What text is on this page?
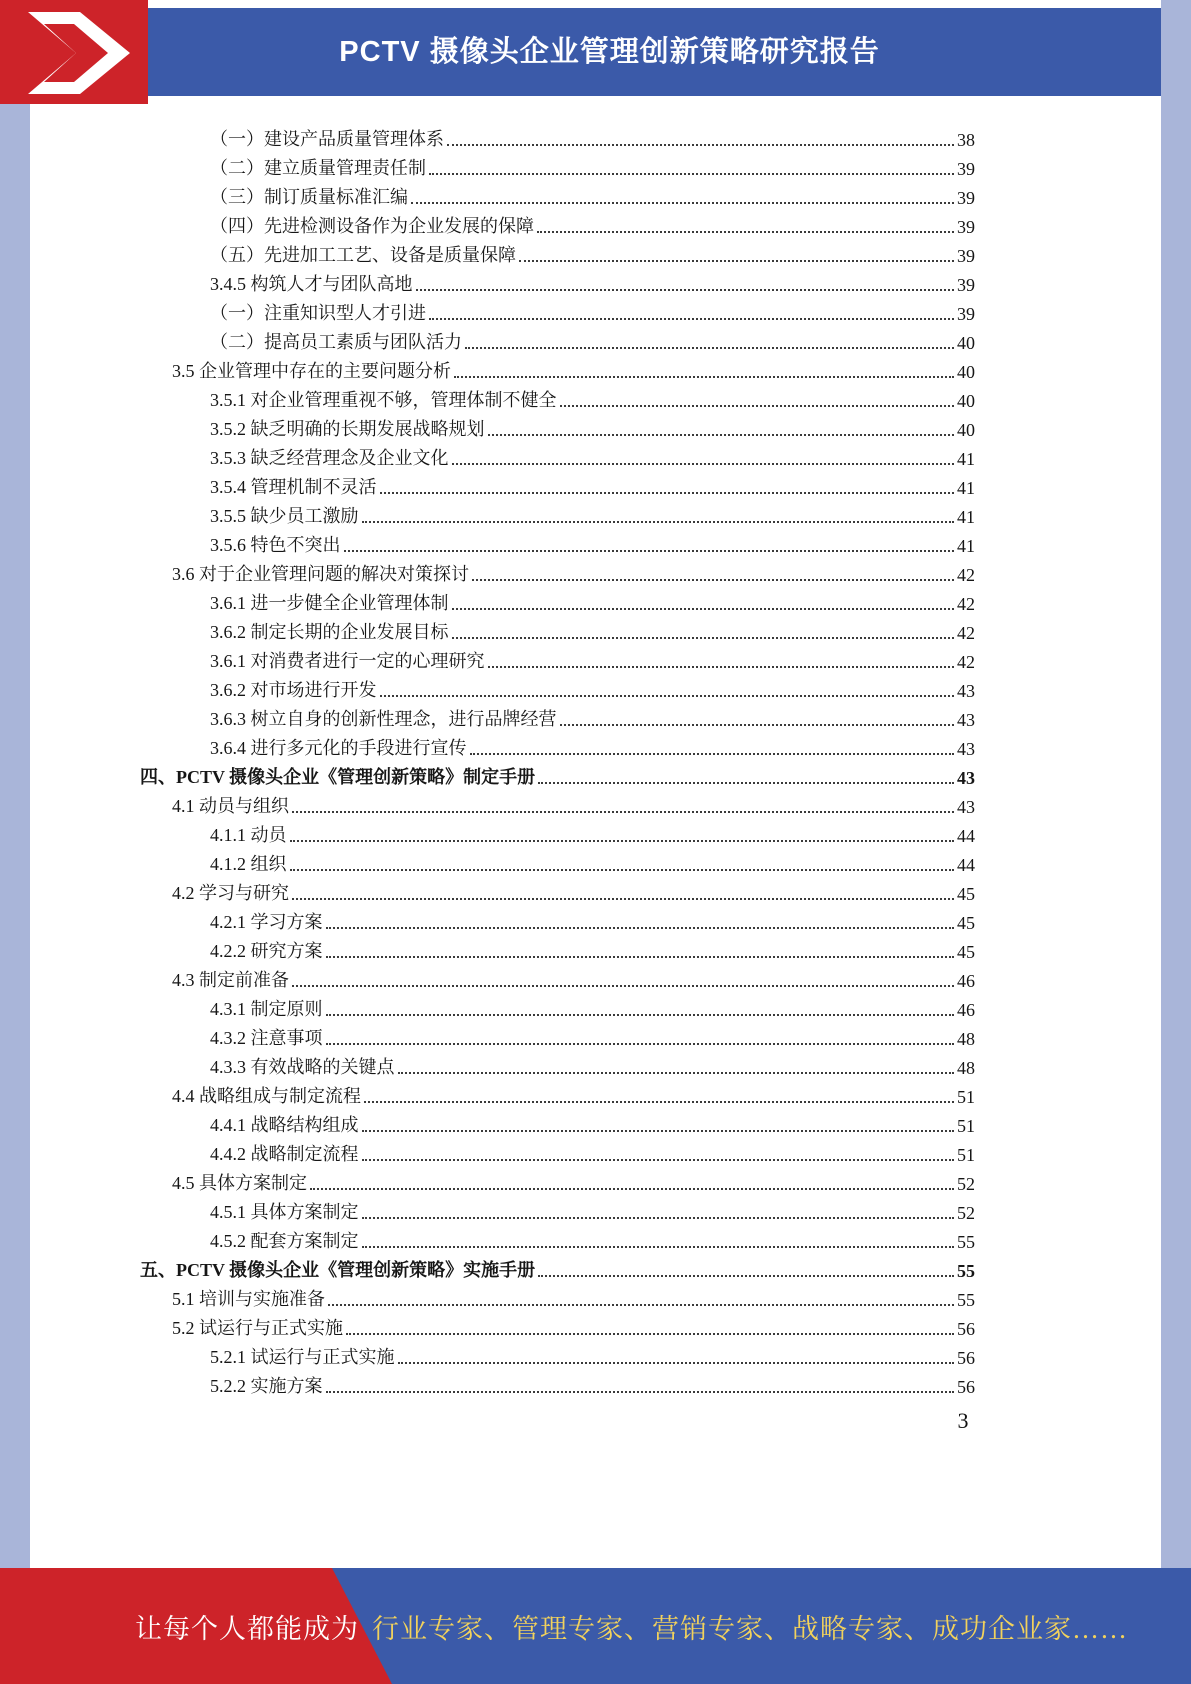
PCTV 摄像头企业管理创新策略研究报告
（一）建设产品质量管理体系	38
（二）建立质量管理责任制	39
（三）制订质量标准汇编	39
（四）先进检测设备作为企业发展的保障	39
（五）先进加工工艺、设备是质量保障	39
3.4.5 构筑人才与团队高地	39
（一）注重知识型人才引进	39
（二）提高员工素质与团队活力	40
3.5 企业管理中存在的主要问题分析	40
3.5.1 对企业管理重视不够，管理体制不健全	40
3.5.2 缺乏明确的长期发展战略规划	40
3.5.3 缺乏经营理念及企业文化	41
3.5.4 管理机制不灵活	41
3.5.5 缺少员工激励	41
3.5.6 特色不突出	41
3.6 对于企业管理问题的解决对策探讨	42
3.6.1 进一步健全企业管理体制	42
3.6.2 制定长期的企业发展目标	42
3.6.1 对消费者进行一定的心理研究	42
3.6.2 对市场进行开发	43
3.6.3 树立自身的创新性理念，进行品牌经营	43
3.6.4 进行多元化的手段进行宣传	43
四、PCTV 摄像头企业《管理创新策略》制定手册	43
4.1 动员与组织	43
4.1.1 动员	44
4.1.2 组织	44
4.2 学习与研究	45
4.2.1 学习方案	45
4.2.2 研究方案	45
4.3 制定前准备	46
4.3.1 制定原则	46
4.3.2 注意事项	48
4.3.3 有效战略的关键点	48
4.4 战略组成与制定流程	51
4.4.1 战略结构组成	51
4.4.2 战略制定流程	51
4.5 具体方案制定	52
4.5.1 具体方案制定	52
4.5.2 配套方案制定	55
五、PCTV 摄像头企业《管理创新策略》实施手册	55
5.1 培训与实施准备	55
5.2 试运行与正式实施	56
5.2.1 试运行与正式实施	56
5.2.2 实施方案	56
3
行业专家、管理专家、营销专家、战略专家、成功企业家……
让每个人都能成为
